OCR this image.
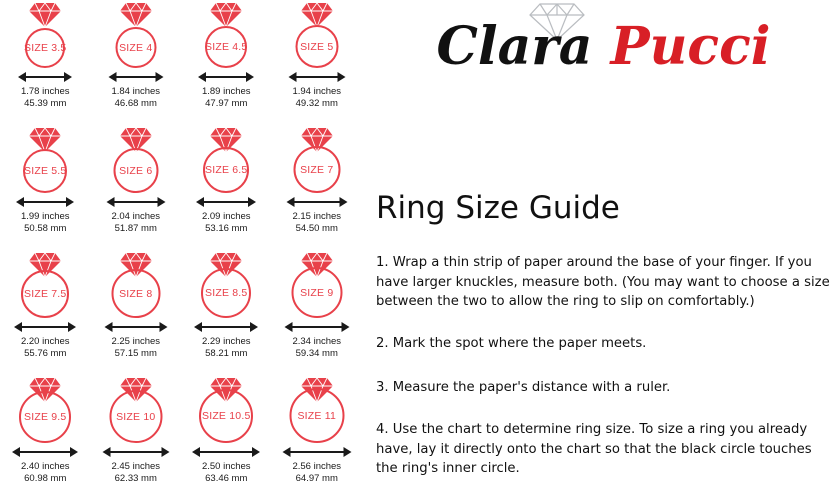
SIZE 3.5
1.78 inches
45.39 mm
SIZE 4
1.84 inches
46.68 mm
SIZE 4.5
1.89 inches
47.97 mm
SIZE 5
1.94 inches
49.32 mm
SIZE 5.5
1.99 inches
50.58 mm
SIZE 6
2.04 inches
51.87 mm
SIZE 6.5
2.09 inches
53.16 mm
SIZE 7
2.15 inches
54.50 mm
SIZE 7.5
2.20 inches
55.76 mm
SIZE 8
2.25 inches
57.15 mm
SIZE 8.5
2.29 inches
58.21 mm
SIZE 9
2.34 inches
59.34 mm
SIZE 9.5
2.40 inches
60.98 mm
SIZE 10
2.45 inches
62.33 mm
SIZE 10.5
2.50 inches
63.46 mm
SIZE 11
2.56 inches
64.97 mm
Clara Pucci
Ring Size Guide
1. Wrap a thin strip of paper around the base of your finger. If you have larger knuckles, measure both. (You may want to choose a size between the two to allow the ring to slip on comfortably.)
2. Mark the spot where the paper meets.
3. Measure the paper's distance with a ruler.
4. Use the chart to determine ring size. To size a ring you already have, lay it directly onto the chart so that the black circle touches the ring's inner circle.
